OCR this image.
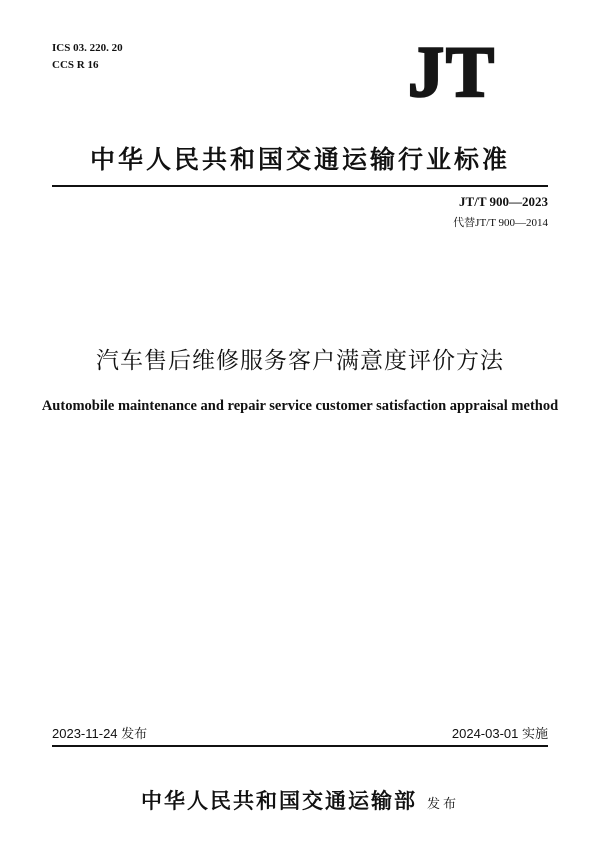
ICS 03. 220. 20
CCS R 16	JT
中华人民共和国交通运输行业标准
JT/T 900—2023
代替JT/T 900—2014
汽车售后维修服务客户满意度评价方法
Automobile maintenance and repair service customer satisfaction appraisal method
2023-11-24 发布	2024-03-01 实施
中华人民共和国交通运输部 发布
